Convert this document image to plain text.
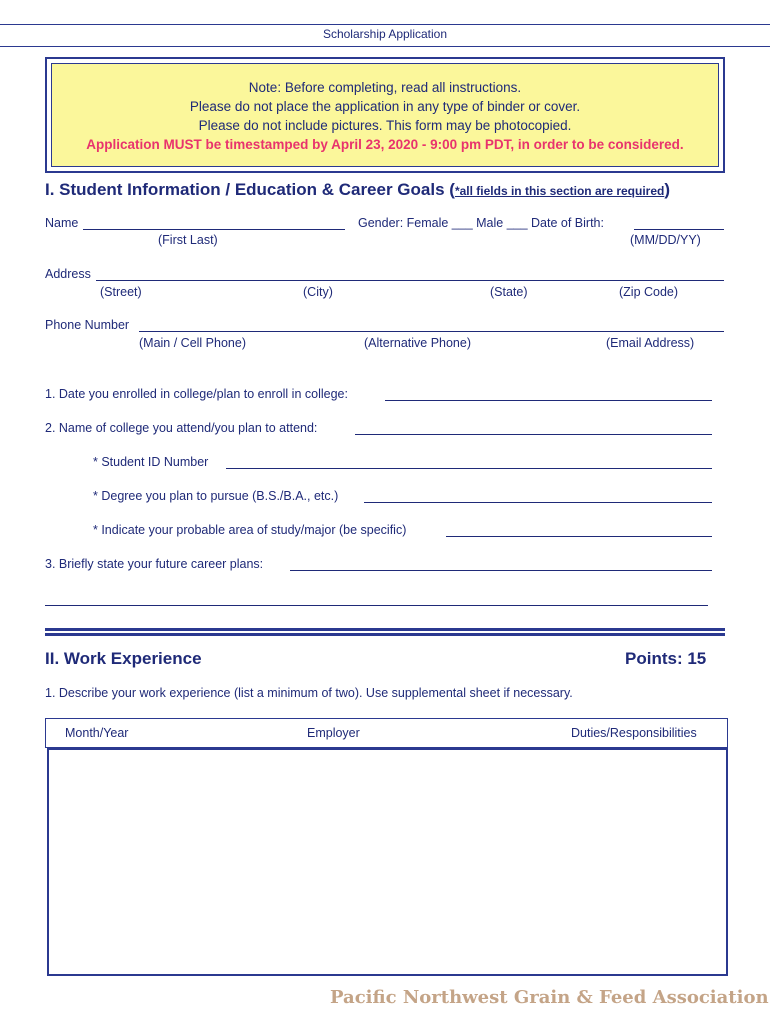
Scholarship Application
Note: Before completing, read all instructions.
Please do not place the application in any type of binder or cover.
Please do not include pictures. This form may be photocopied.
Application MUST be timestamped by April 23, 2020 - 9:00 pm PDT, in order to be considered.
I. Student Information / Education & Career Goals (*all fields in this section are required)
Name	Gender: Female ___ Male ___ Date of Birth:
(First Last)	(MM/DD/YY)
Address
(Street)	(City)	(State)	(Zip Code)
Phone Number
(Main / Cell Phone)	(Alternative Phone)	(Email Address)
1. Date you enrolled in college/plan to enroll in college:
2. Name of college you attend/you plan to attend:
* Student ID Number
* Degree you plan to pursue (B.S./B.A., etc.)
* Indicate your probable area of study/major (be specific)
3. Briefly state your future career plans:
II. Work Experience	Points: 15
1. Describe your work experience (list a minimum of two). Use supplemental sheet if necessary.
Month/Year	Employer	Duties/Responsibilities
Pacific Northwest Grain & Feed Association
